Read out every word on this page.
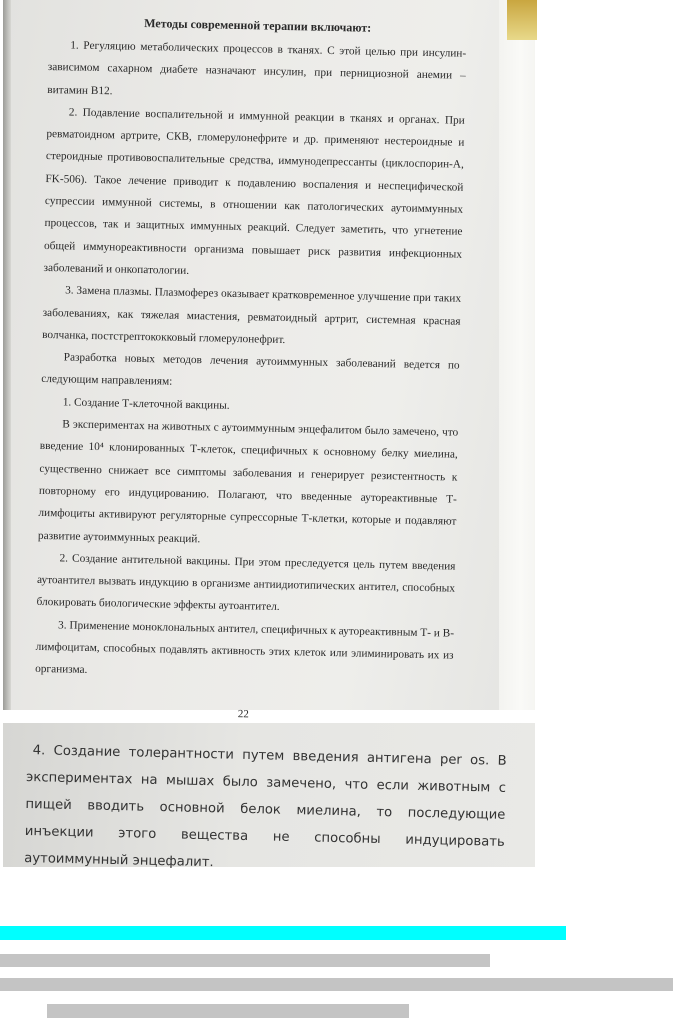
Методы современной терапии включают:

1. Регуляцию метаболических процессов в тканях. С этой целью при инсулин-зависимом сахарном диабете назначают инсулин, при пернициозной анемии – витамин B12.

2. Подавление воспалительной и иммунной реакции в тканях и органах. При ревматоидном артрите, СКВ, гломерулонефрите и др. применяют нестероидные и стероидные противовоспалительные средства, иммунодепрессанты (циклоспорин-А, FK-506). Такое лечение приводит к подавлению воспаления и неспецифической супрессии иммунной системы, в отношении как патологических аутоиммунных процессов, так и защитных иммунных реакций. Следует заметить, что угнетение общей иммунореактивности организма повышает риск развития инфекционных заболеваний и онкопатологии.

3. Замена плазмы. Плазмоферез оказывает кратковременное улучшение при таких заболеваниях, как тяжелая миастения, ревматоидный артрит, системная красная волчанка, постстрептококковый гломерулонефрит.

Разработка новых методов лечения аутоиммунных заболеваний ведется по следующим направлениям:

1. Создание Т-клеточной вакцины.

В экспериментах на животных с аутоиммунным энцефалитом было замечено, что введение 10⁴ клонированных Т-клеток, специфичных к основному белку миелина, существенно снижает все симптомы заболевания и генерирует резистентность к повторному его индуцированию. Полагают, что введенные аутореактивные Т-лимфоциты активируют регуляторные супрессорные Т-клетки, которые и подавляют развитие аутоиммунных реакций.

2. Создание антительной вакцины. При этом преследуется цель путем введения аутоантител вызвать индукцию в организме антиидиотипических антител, способных блокировать биологические эффекты аутоантител.

3. Применение моноклональных антител, специфичных к аутореактивным Т- и В-лимфоцитам, способных подавлять активность этих клеток или элиминировать их из организма.

22

4. Создание толерантности путем введения антигена per os. В экспериментах на мышах было замечено, что если животным с пищей вводить основной белок миелина, то последующие инъекции этого вещества не способны индуцировать аутоиммунный энцефалит.
